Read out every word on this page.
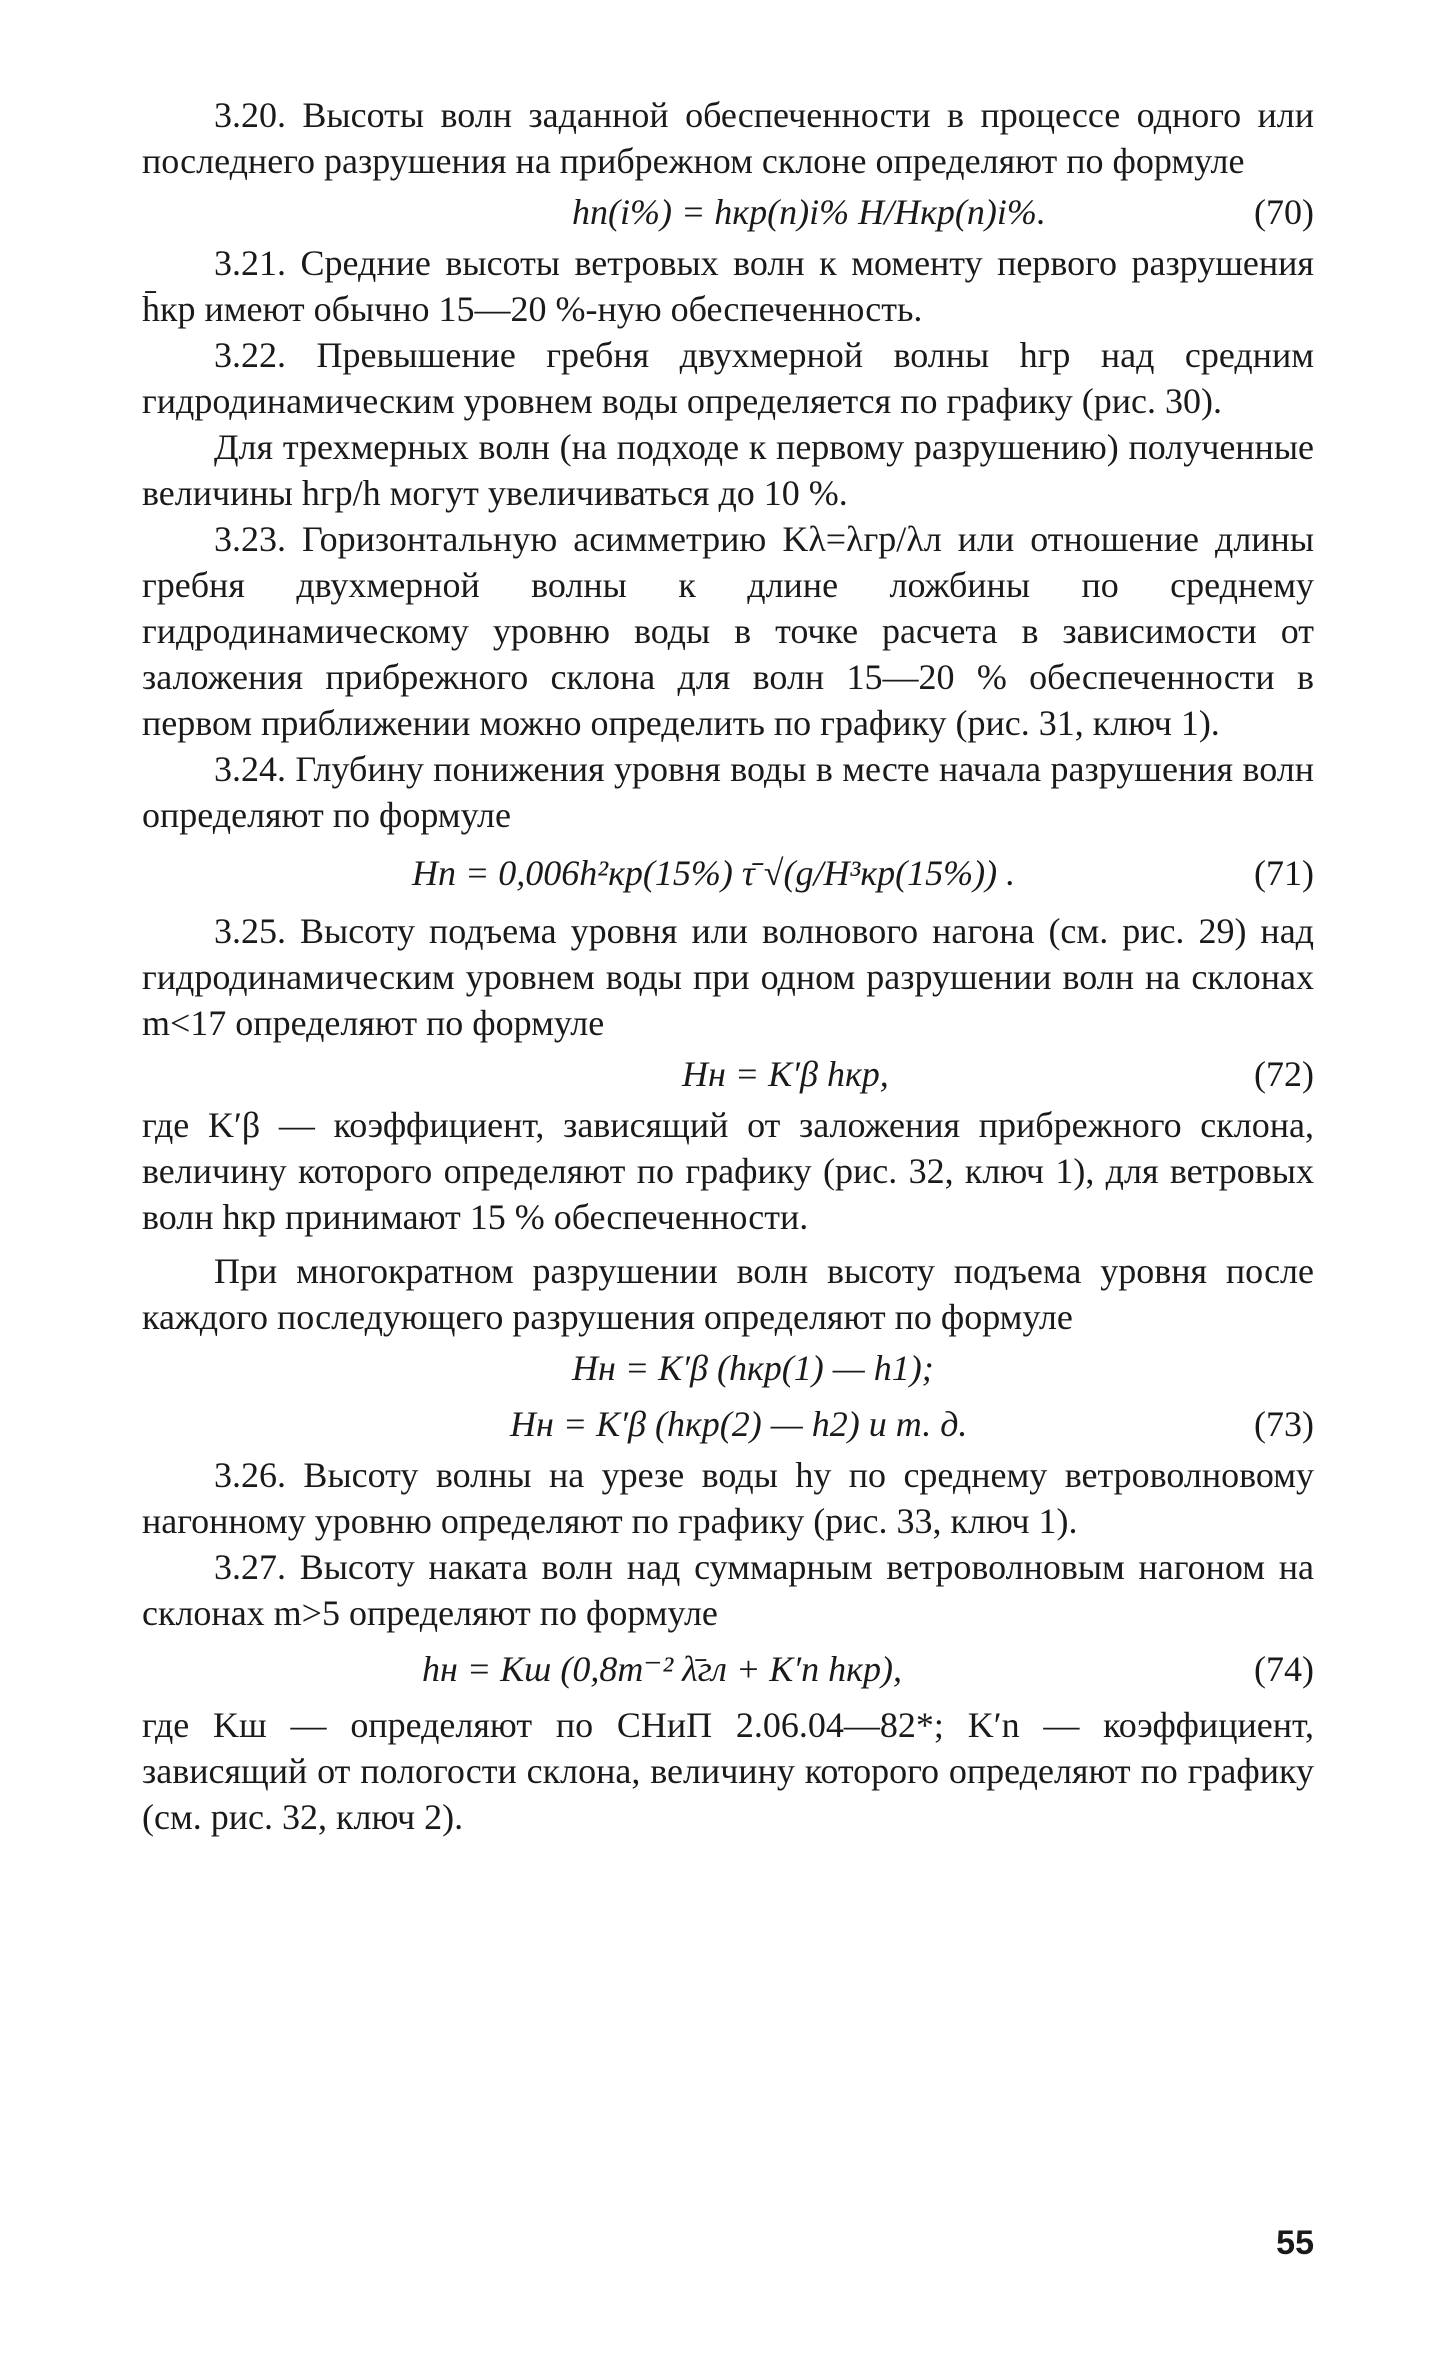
3.20. Высоты волн заданной обеспеченности в процессе одного или последнего разрушения на прибрежном склоне определяют по формуле

hn(i%) = hкр(n)i% H/Hкр(n)i%.	(70)

3.21. Средние высоты ветровых волн к моменту первого разрушения h̄кр имеют обычно 15—20 %-ную обеспеченность.

3.22. Превышение гребня двухмерной волны hгр над средним гидродинамическим уровнем воды определяется по графику (рис. 30).

Для трехмерных волн (на подходе к первому разрушению) полученные величины hгр/h могут увеличиваться до 10 %.

3.23. Горизонтальную асимметрию Kλ=λгр/λл или отношение длины гребня двухмерной волны к длине ложбины по среднему гидродинамическому уровню воды в точке расчета в зависимости от заложения прибрежного склона для волн 15—20 % обеспеченности в первом приближении можно определить по графику (рис. 31, ключ 1).

3.24. Глубину понижения уровня воды в месте начала разрушения волн определяют по формуле

Hп = 0,006h²кр(15%) τ̄ √(g/H³кр(15%)) .	(71)

3.25. Высоту подъема уровня или волнового нагона (см. рис. 29) над гидродинамическим уровнем воды при одном разрушении волн на склонах m<17 определяют по формуле

Hн = K′β hкр,	(72)

где K′β — коэффициент, зависящий от заложения прибрежного склона, величину которого определяют по графику (рис. 32, ключ 1), для ветровых волн hкр принимают 15 % обеспеченности.

При многократном разрушении волн высоту подъема уровня после каждого последующего разрушения определяют по формуле

Hн = K′β (hкр(1) — h1);
Hн = K′β (hкр(2) — h2) и т. д.	(73)

3.26. Высоту волны на урезе воды hу по среднему ветроволновому нагонному уровню определяют по графику (рис. 33, ключ 1).

3.27. Высоту наката волн над суммарным ветроволновым нагоном на склонах m>5 определяют по формуле

hн = Kш (0,8m⁻² λ̄гл + K′n hкр),	(74)

где Kш — определяют по СНиП 2.06.04—82*; K′n — коэффициент, зависящий от пологости склона, величину которого определяют по графику (см. рис. 32, ключ 2).

55
